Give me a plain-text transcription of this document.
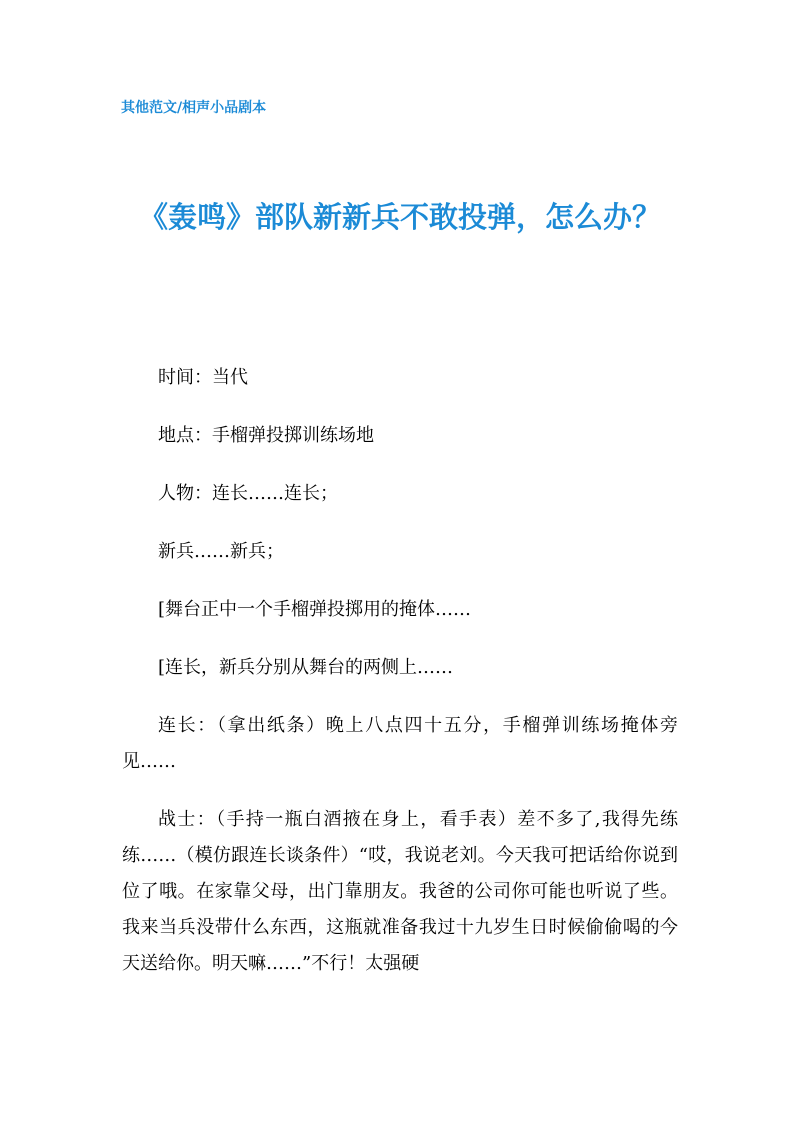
其他范文/相声小品剧本
《轰鸣》部队新新兵不敢投弹，怎么办？

时间：当代

地点：手榴弹投掷训练场地

人物：连长……连长；

新兵……新兵；

[舞台正中一个手榴弹投掷用的掩体……

[连长，新兵分别从舞台的两侧上……

连长：（拿出纸条）晚上八点四十五分，手榴弹训练场掩体旁见……

战士：（手持一瓶白酒掖在身上，看手表）差不多了,我得先练练……（模仿跟连长谈条件）“哎，我说老刘。今天我可把话给你说到位了哦。在家靠父母，出门靠朋友。我爸的公司你可能也听说了些。我来当兵没带什么东西，这瓶就准备我过十九岁生日时候偷偷喝的今天送给你。明天嘛……”不行！太强硬
